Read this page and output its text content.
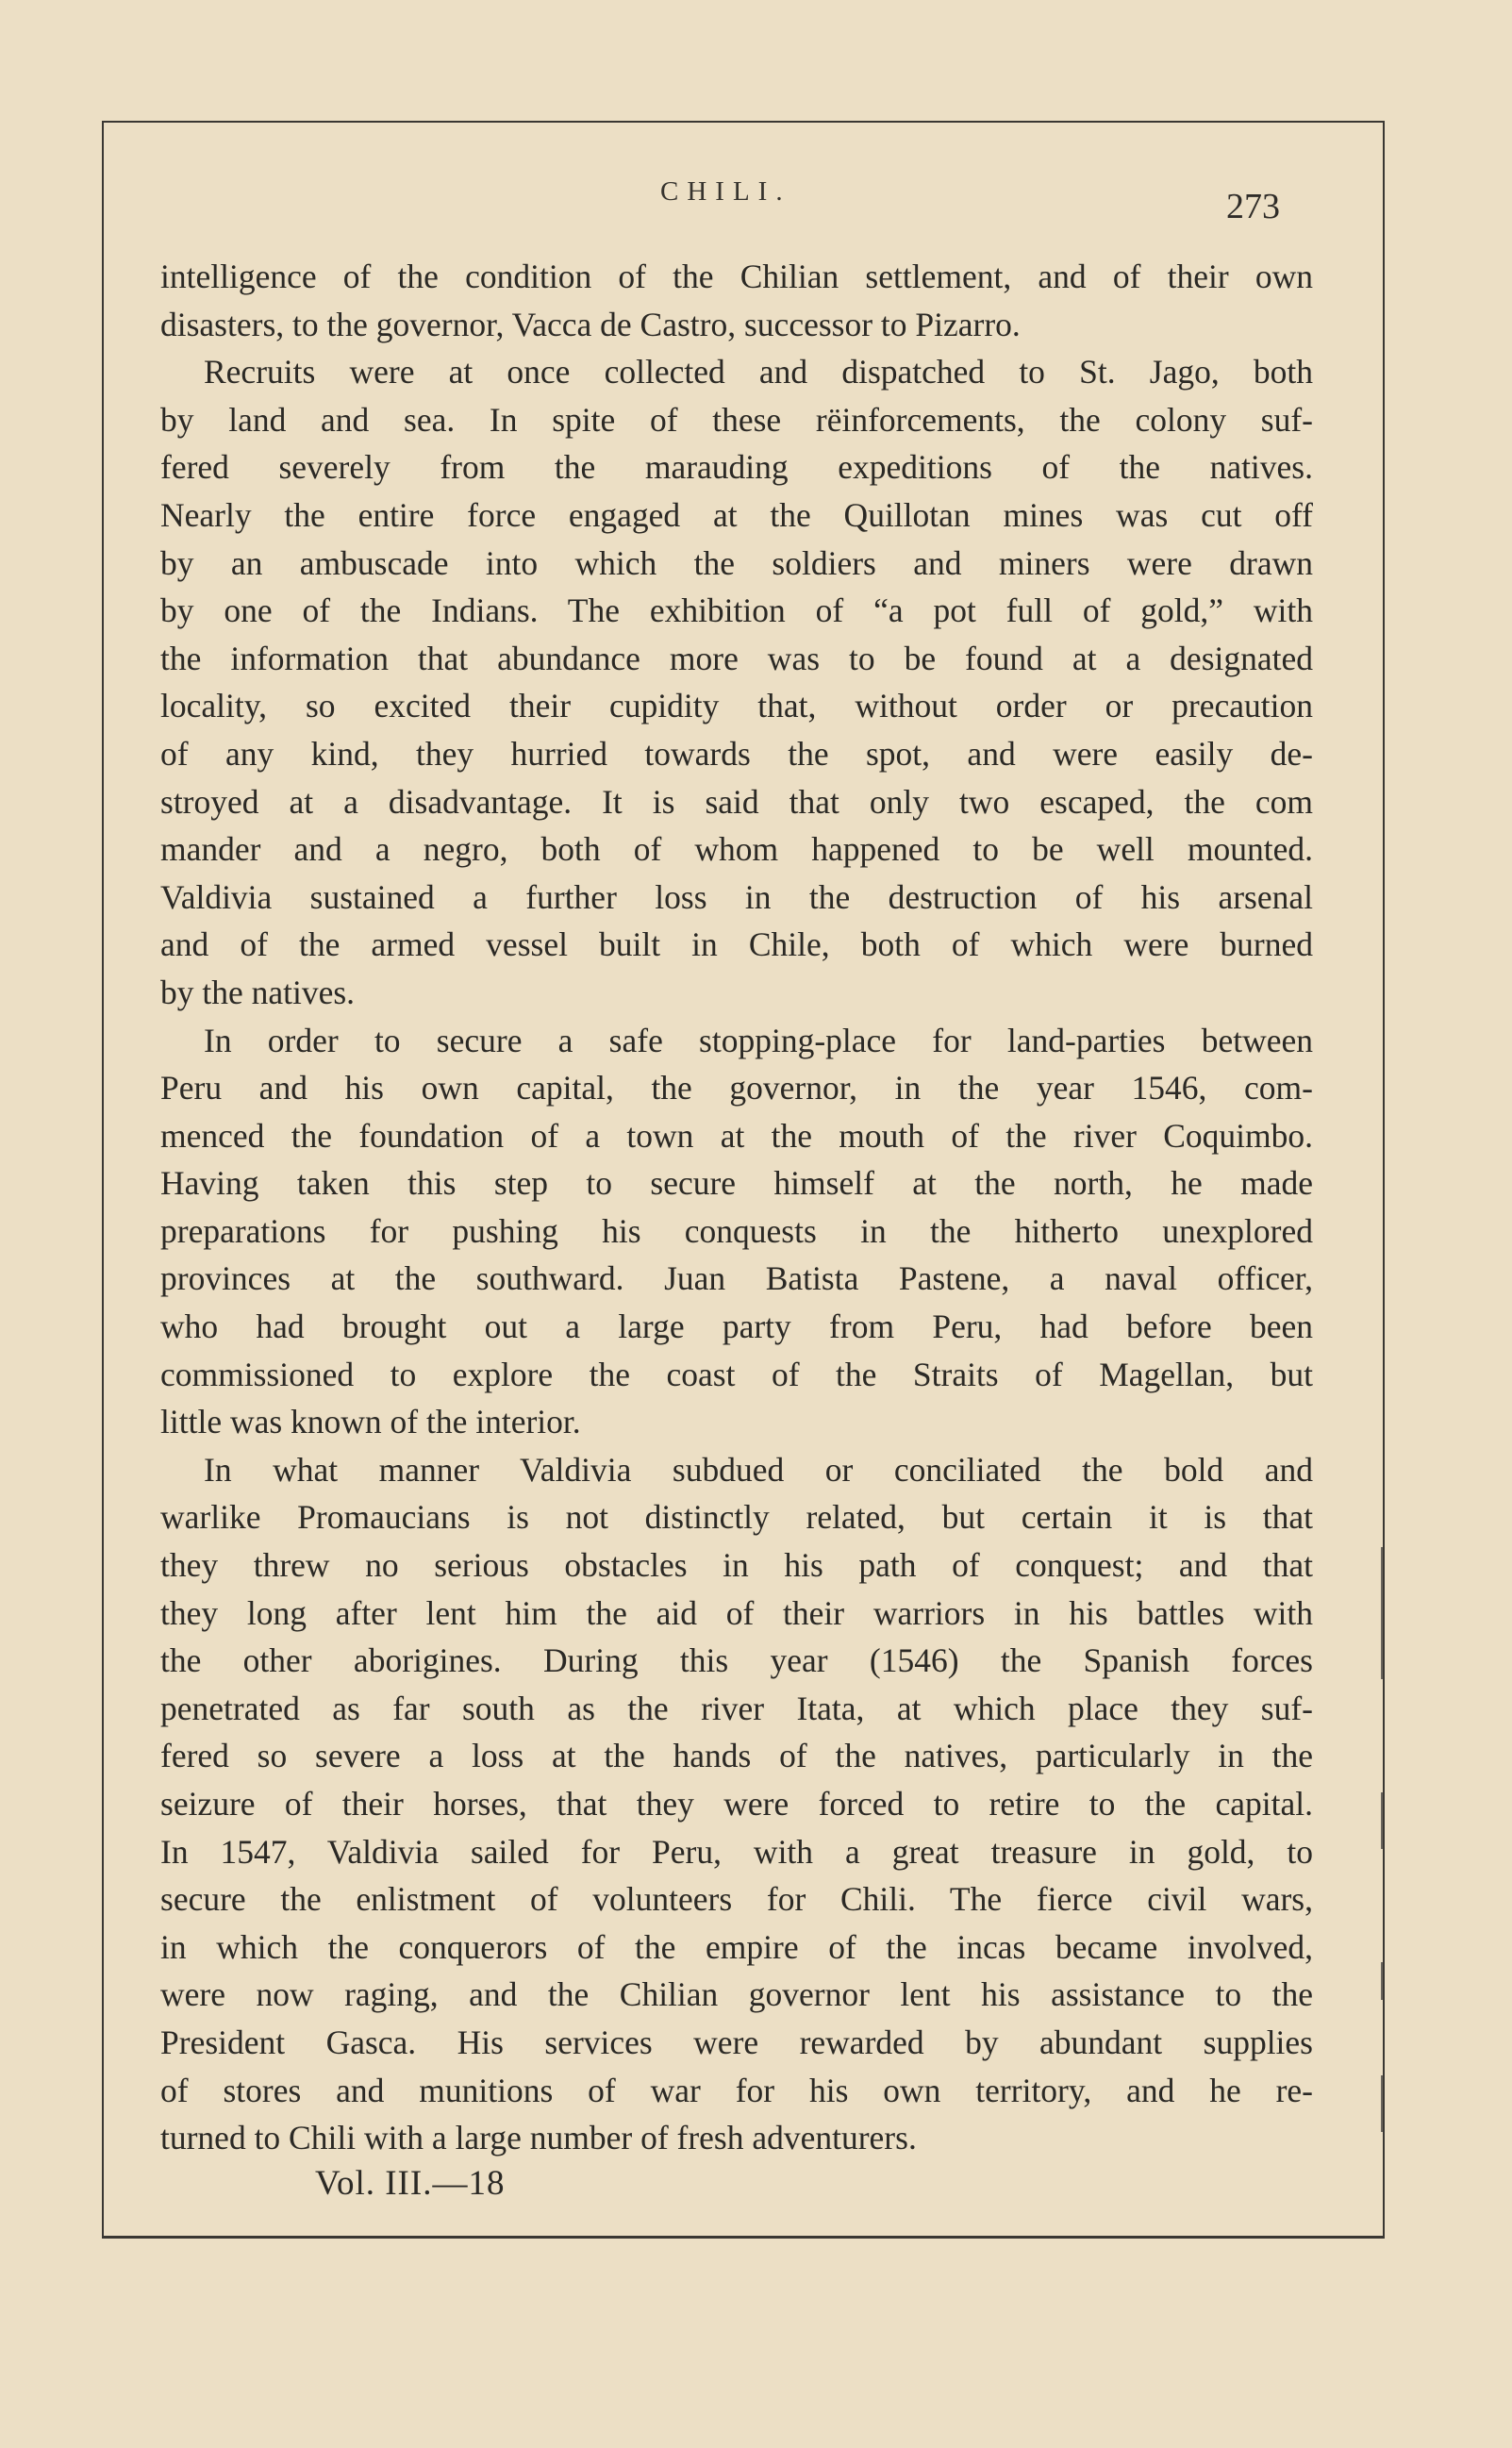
CHILI.	273
intelligence of the condition of the Chilian settlement, and of their own
disasters, to the governor, Vacca de Castro, successor to Pizarro.
Recruits were at once collected and dispatched to St. Jago, both
by land and sea. In spite of these rëinforcements, the colony suf-
fered severely from the marauding expeditions of the natives.
Nearly the entire force engaged at the Quillotan mines was cut off
by an ambuscade into which the soldiers and miners were drawn
by one of the Indians. The exhibition of “a pot full of gold,” with
the information that abundance more was to be found at a designated
locality, so excited their cupidity that, without order or precaution
of any kind, they hurried towards the spot, and were easily de-
stroyed at a disadvantage. It is said that only two escaped, the com
mander and a negro, both of whom happened to be well mounted.
Valdivia sustained a further loss in the destruction of his arsenal
and of the armed vessel built in Chile, both of which were burned
by the natives.
In order to secure a safe stopping-place for land-parties between
Peru and his own capital, the governor, in the year 1546, com-
menced the foundation of a town at the mouth of the river Coquimbo.
Having taken this step to secure himself at the north, he made
preparations for pushing his conquests in the hitherto unexplored
provinces at the southward. Juan Batista Pastene, a naval officer,
who had brought out a large party from Peru, had before been
commissioned to explore the coast of the Straits of Magellan, but
little was known of the interior.
In what manner Valdivia subdued or conciliated the bold and
warlike Promaucians is not distinctly related, but certain it is that
they threw no serious obstacles in his path of conquest; and that
they long after lent him the aid of their warriors in his battles with
the other aborigines. During this year (1546) the Spanish forces
penetrated as far south as the river Itata, at which place they suf-
fered so severe a loss at the hands of the natives, particularly in the
seizure of their horses, that they were forced to retire to the capital.
In 1547, Valdivia sailed for Peru, with a great treasure in gold, to
secure the enlistment of volunteers for Chili. The fierce civil wars,
in which the conquerors of the empire of the incas became involved,
were now raging, and the Chilian governor lent his assistance to the
President Gasca. His services were rewarded by abundant supplies
of stores and munitions of war for his own territory, and he re-
turned to Chili with a large number of fresh adventurers.
Vol. III.—18
